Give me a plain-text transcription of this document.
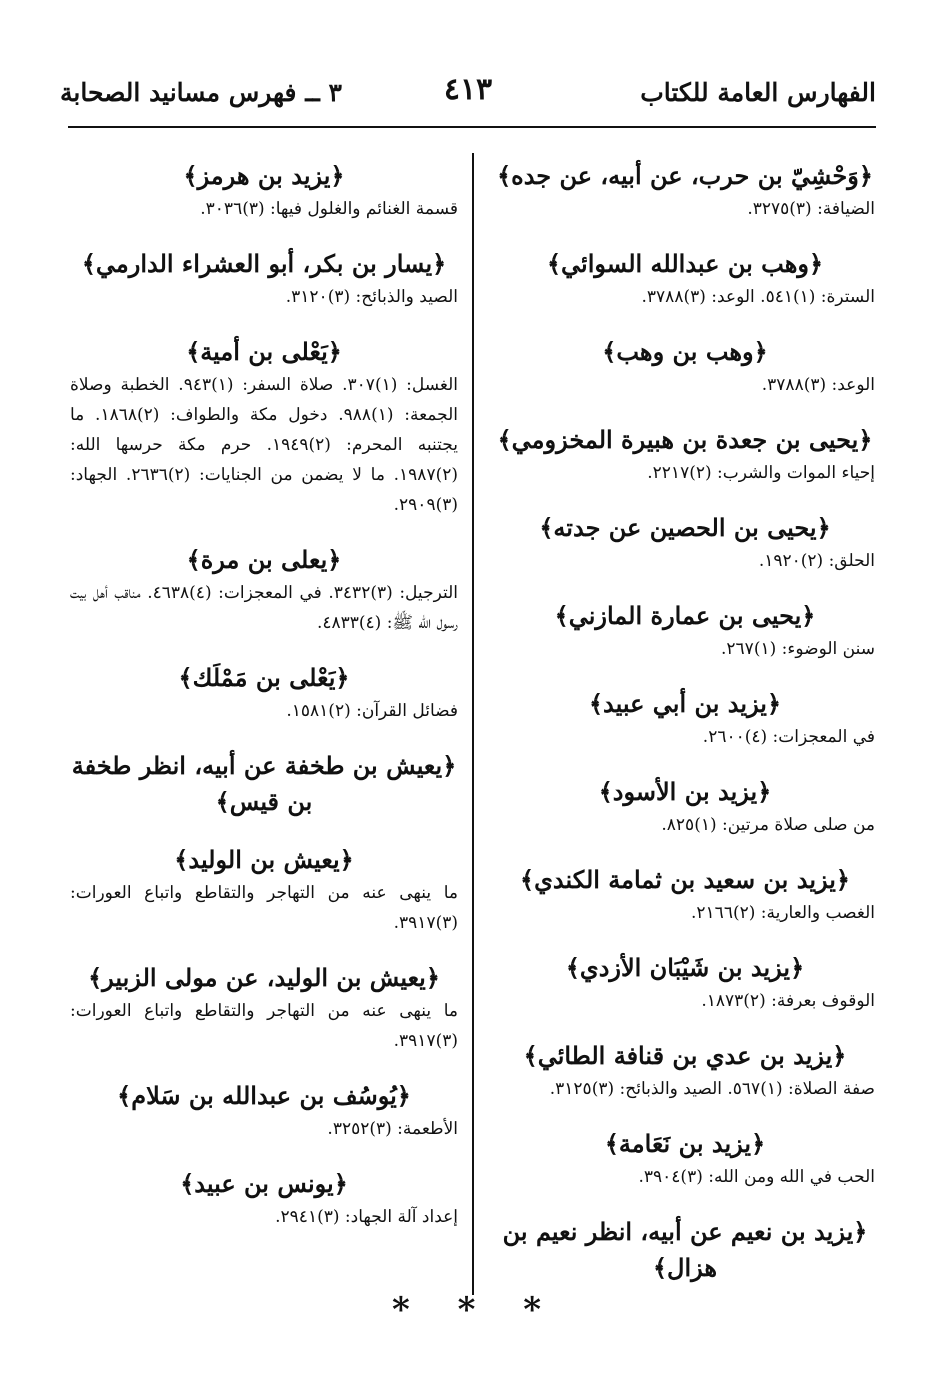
الفهارس العامة للكتاب
٤١٣
٣ ــ فهرس مسانيد الصحابة
﴿وَحْشِيّ بن حرب، عن أبيه، عن جده﴾
الضيافة: (٣)٣٢٧٥.
﴿وهب بن عبدالله السوائي﴾
السترة: (١)٥٤١. الوعد: (٣)٣٧٨٨.
﴿وهب بن وهب﴾
الوعد: (٣)٣٧٨٨.
﴿يحيى بن جعدة بن هبيرة المخزومي﴾
إحياء الموات والشرب: (٢)٢٢١٧.
﴿يحيى بن الحصين عن جدته﴾
الحلق: (٢)١٩٢٠.
﴿يحيى بن عمارة المازني﴾
سنن الوضوء: (١)٢٦٧.
﴿يزيد بن أبي عبيد﴾
في المعجزات: (٤)٢٦٠٠.
﴿يزيد بن الأسود﴾
من صلى صلاة مرتين: (١)٨٢٥.
﴿يزيد بن سعيد بن ثمامة الكندي﴾
الغصب والعارية: (٢)٢١٦٦.
﴿يزيد بن شَيْبَان الأزدي﴾
الوقوف بعرفة: (٢)١٨٧٣.
﴿يزيد بن عدي بن قنافة الطائي﴾
صفة الصلاة: (١)٥٦٧. الصيد والذبائح: (٣)٣١٢٥.
﴿يزيد بن نَعَامة﴾
الحب في الله ومن الله: (٣)٣٩٠٤.
﴿يزيد بن نعيم عن أبيه، انظر نعيم بن هزال﴾
﴿يزيد بن هرمز﴾
قسمة الغنائم والغلول فيها: (٣)٣٠٣٦.
﴿يسار بن بكر، أبو العشراء الدارمي﴾
الصيد والذبائح: (٣)٣١٢٠.
﴿يَعْلى بن أمية﴾
الغسل: (١)٣٠٧. صلاة السفر: (١)٩٤٣. الخطبة وصلاة الجمعة: (١)٩٨٨. دخول مكة والطواف: (٢)١٨٦٨. ما يجتنبه المحرم: (٢)١٩٤٩. حرم مكة حرسها الله: (٢)١٩٨٧. ما لا يضمن من الجنايات: (٢)٢٦٣٦. الجهاد: (٣)٢٩٠٩.
﴿يعلى بن مرة﴾
الترجيل: (٣)٣٤٣٢. في المعجزات: (٤)٤٦٣٨. مناقب أهل بيت رسول الله ﷺ: (٤)٤٨٣٣.
﴿يَعْلى بن مَمْلَك﴾
فضائل القرآن: (٢)١٥٨١.
﴿يعيش بن طخفة عن أبيه، انظر طخفة بن قيس﴾
﴿يعيش بن الوليد﴾
ما ينهى عنه من التهاجر والتقاطع واتباع العورات: (٣)٣٩١٧.
﴿يعيش بن الوليد، عن مولى الزبير﴾
ما ينهى عنه من التهاجر والتقاطع واتباع العورات: (٣)٣٩١٧.
﴿يُوسُف بن عبدالله بن سَلام﴾
الأطعمة: (٣)٣٢٥٢.
﴿يونس بن عبيد﴾
إعداد آلة الجهاد: (٣)٢٩٤١.
* * *
